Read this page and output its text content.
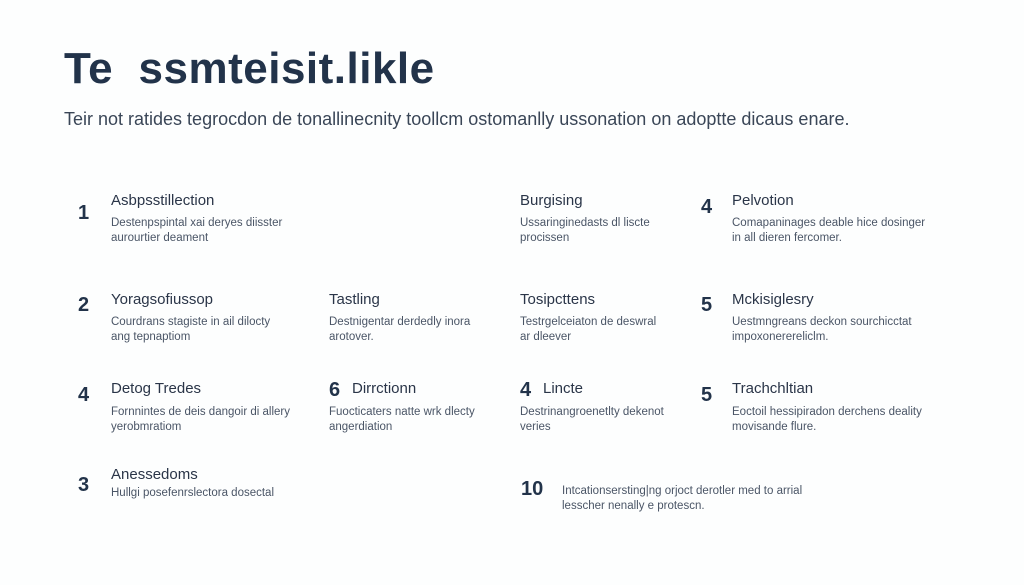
Te  ssmteisit.likle

Teir not ratides tegrocdon de tonallinecnity toollcm ostomanlly ussonation on adoptte dicaus enare.

1
Asbpsstillection
Destenpspintal xai deryes diisster
aurourtier deament
Burgising
Ussaringinedasts dl liscte
procissen
4 Pelvotion
Comapaninages deable hice dosinger
in all dieren fercomer.
2 Yoragsofiussop
Courdrans stagiste in ail dilocty
ang tepnaptiom
Tastling
Destnigentar derdedly inora
arotover.
Tosipcttens
Testrgelceiaton de deswral
ar dleever
5 Mckisiglesry
Uestmngreans deckon sourchicctat
impoxonerereliclm.
4 Detog Tredes
Fornnintes de deis dangoir di allery
yerobmratiom
6 Dirrctionn
Fuocticaters natte wrk dlecty
angerdiation
4 Lincte
Destrinangroenetlty dekenot
veries
5 Trachchltian
Eoctoil hessipiradon derchens deality
movisande flure.
3 Anessedoms
Hullgi posefenrslectora dosectal	10 Intcationsersting|ng orjoct derotler med to arrial
lesscher nenally e protescn.
